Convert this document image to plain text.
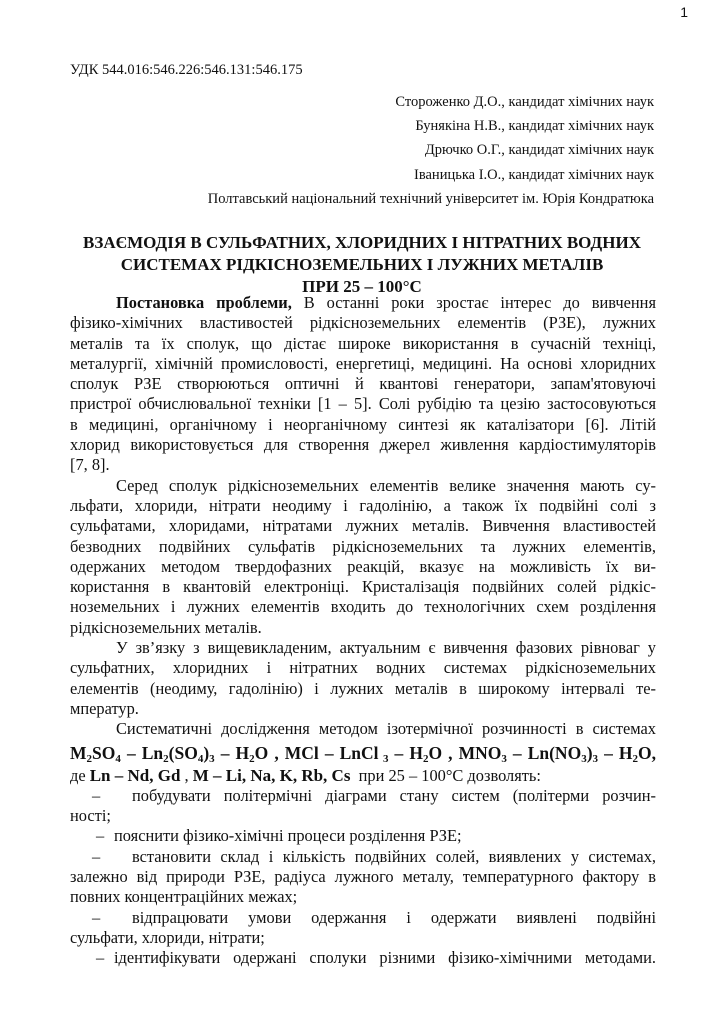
1
УДК 544.016:546.226:546.131:546.175
Стороженко Д.О., кандидат хімічних наук
Бунякіна Н.В., кандидат хімічних наук
Дрючко О.Г., кандидат хімічних наук
Іваницька І.О., кандидат хімічних наук
Полтавський національний технічний університет ім. Юрія Кондратюка
ВЗАЄМОДІЯ В СУЛЬФАТНИХ, ХЛОРИДНИХ І НІТРАТНИХ ВОДНИХ
СИСТЕМАХ РІДКІСНОЗЕМЕЛЬНИХ І ЛУЖНИХ МЕТАЛІВ
ПРИ 25 – 100°С
Постановка проблеми, В останні роки зростає інтерес до вивчення
фізико-хімічних властивостей рідкісноземельних елементів (РЗЕ), лужних
металів та їх сполук, що дістає широке використання в сучасній техніці,
металургії, хімічній промисловості, енергетиці, медицині. На основі хлоридних
сполук РЗЕ створюються оптичні й квантові генератори, запам'ятовуючі
пристрої обчислювальної техніки [1 – 5]. Солі рубідію та цезію застосовуються
в медицині, органічному і неорганічному синтезі як каталізатори [6]. Літій
хлорид використовується для створення джерел живлення кардіостимуляторів
[7, 8].
Серед сполук рідкісноземельних елементів велике значення мають су-
льфати, хлориди, нітрати неодиму і гадолінію, а також їх подвійні солі з
сульфатами, хлоридами, нітратами лужних металів. Вивчення властивостей
безводних подвійних сульфатів рідкісноземельних та лужних елементів,
одержаних методом твердофазних реакцій, вказує на можливість їх ви-
користання в квантовій електроніці. Кристалізація подвійних солей рідкіс-
ноземельних і лужних елементів входить до технологічних схем розділення
рідкісноземельних металів.
У зв’язку з вищевикладеним, актуальним є вивчення фазових рівноваг у
сульфатних, хлоридних і нітратних водних системах рідкісноземельних
елементів (неодиму, гадолінію) і лужних металів в широкому інтервалі те-
мператур.
Систематичні дослідження методом ізотермічної розчинності в системах
$M_2SO_4 - Ln_2(SO_4)_3 - H_2O$ , MCl – LnCl $_3 - H_2O$ , $MNO_3 - Ln(NO_3)_3 - H_2O$,
де Ln – Nd, Gd , M – Li, Na, K, Rb, Cs  при 25 – 100°С дозволять:
– побудувати політермічні діаграми стану систем (політерми розчин-
ності;
– пояснити фізико-хімічні процеси розділення РЗЕ;
– встановити склад і кількість подвійних солей, виявлених у системах,
залежно від природи РЗЕ, радіуса лужного металу, температурного фактору в
повних концентраційних межах;
– відпрацювати умови одержання і одержати виявлені подвійні
сульфати, хлориди, нітрати;
– ідентифікувати одержані сполуки різними фізико-хімічними методами.
